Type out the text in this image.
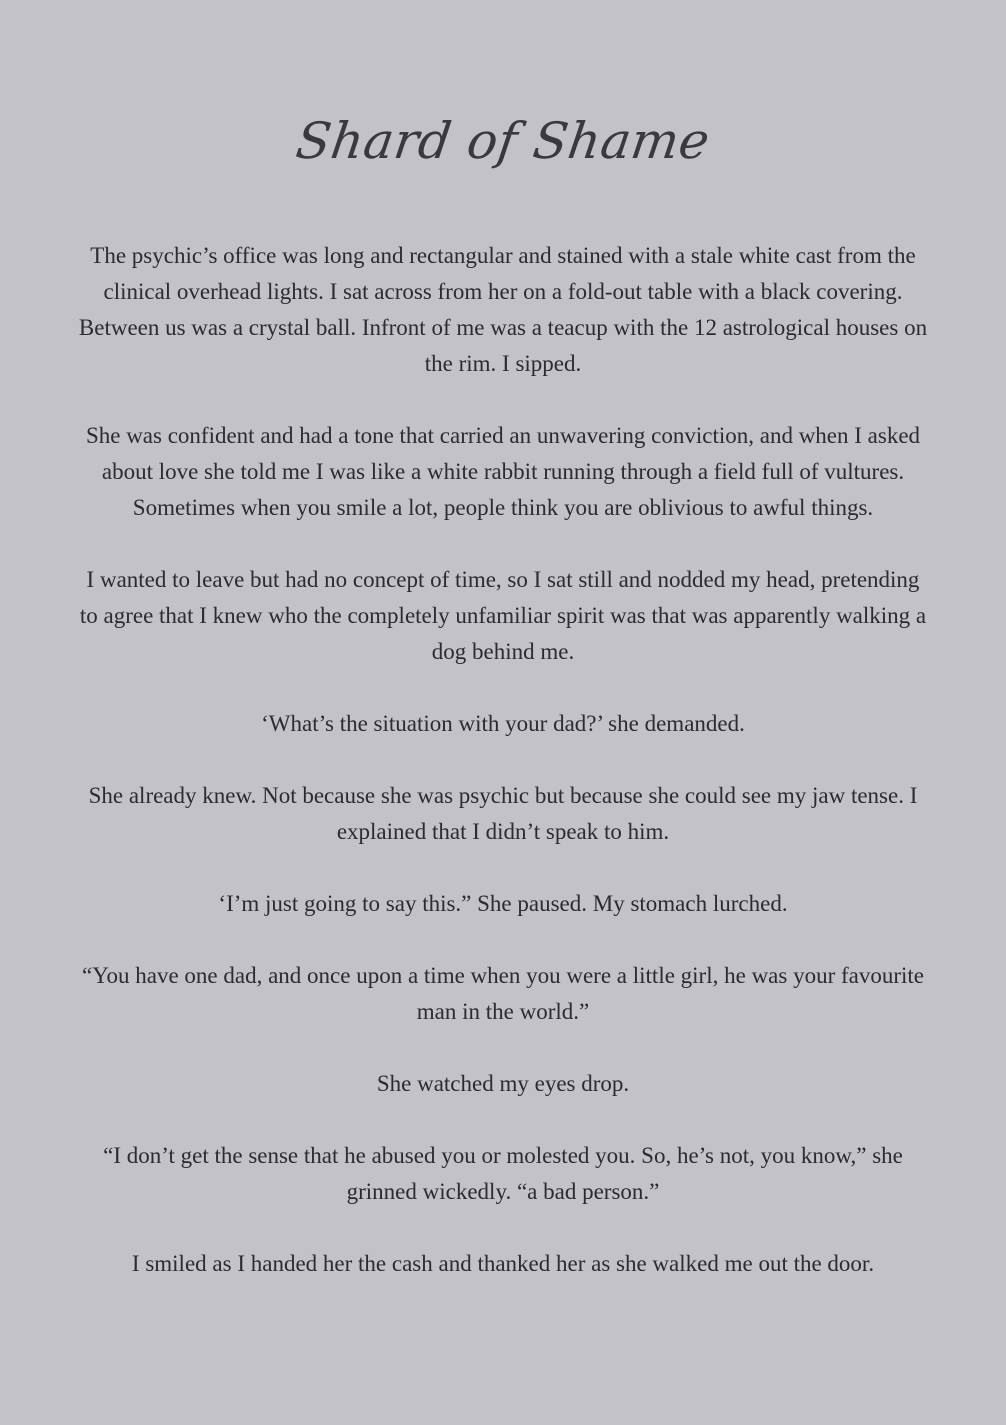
Shard of Shame

The psychic’s office was long and rectangular and stained with a stale white cast from the clinical overhead lights. I sat across from her on a fold-out table with a black covering. Between us was a crystal ball. Infront of me was a teacup with the 12 astrological houses on the rim. I sipped.

She was confident and had a tone that carried an unwavering conviction, and when I asked about love she told me I was like a white rabbit running through a field full of vultures. Sometimes when you smile a lot, people think you are oblivious to awful things.

I wanted to leave but had no concept of time, so I sat still and nodded my head, pretending to agree that I knew who the completely unfamiliar spirit was that was apparently walking a dog behind me.

‘What’s the situation with your dad?’ she demanded.

She already knew. Not because she was psychic but because she could see my jaw tense. I explained that I didn’t speak to him.

‘I’m just going to say this.” She paused. My stomach lurched.

“You have one dad, and once upon a time when you were a little girl, he was your favourite man in the world.”

She watched my eyes drop.

“I don’t get the sense that he abused you or molested you. So, he’s not, you know,” she grinned wickedly. “a bad person.”

I smiled as I handed her the cash and thanked her as she walked me out the door.
